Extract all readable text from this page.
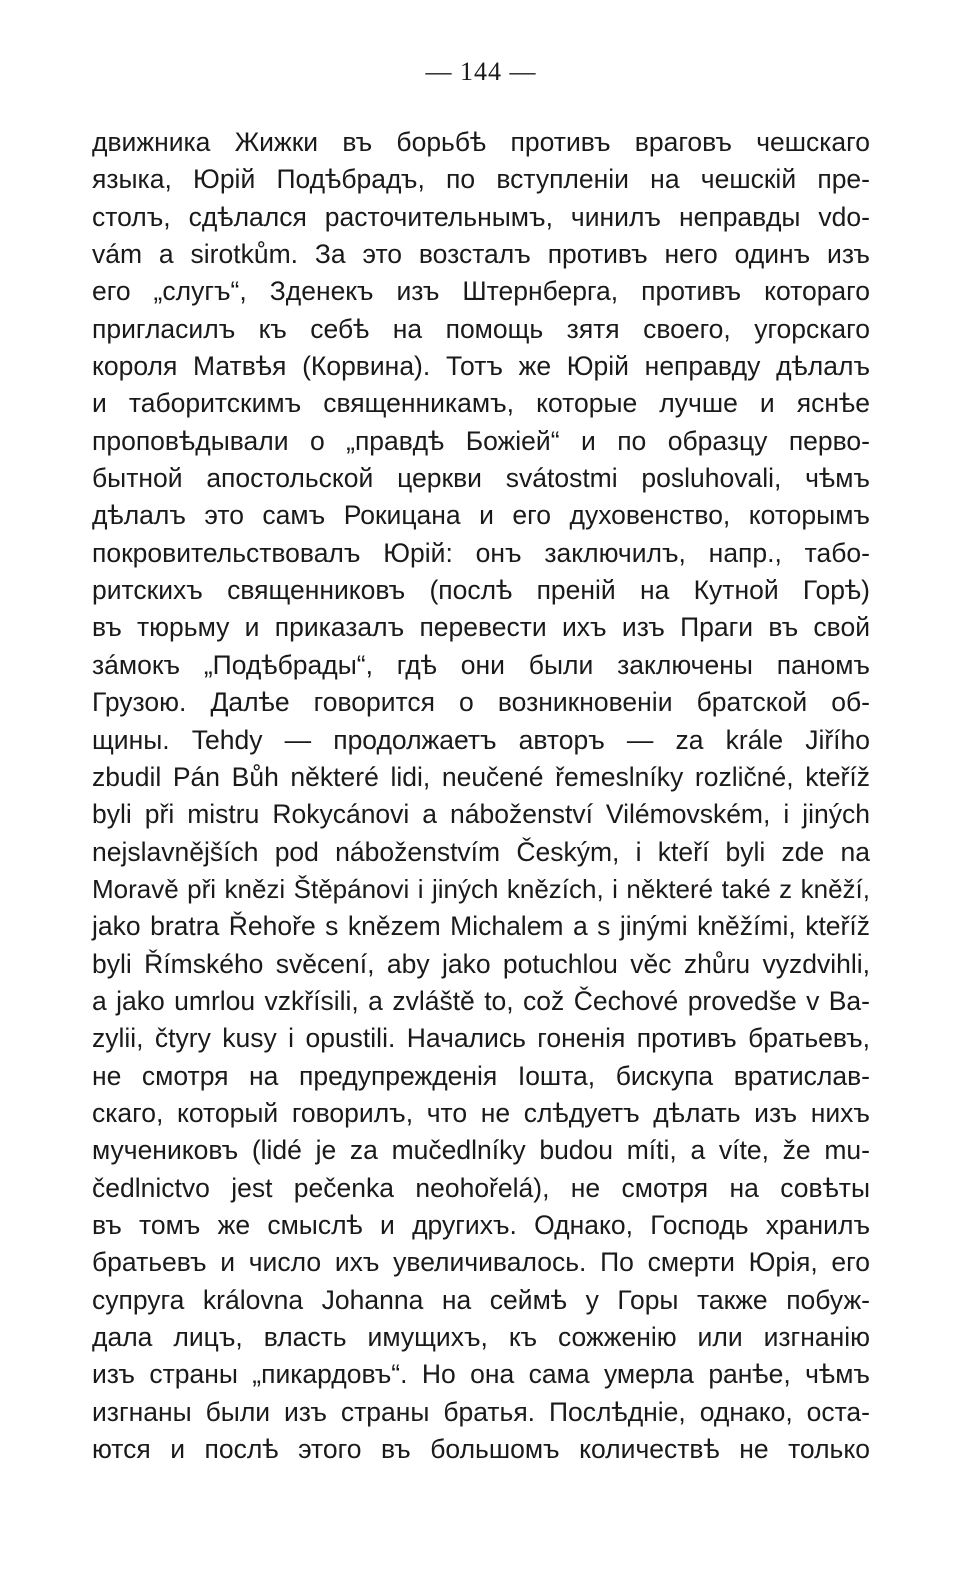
— 144 —
движника Жижки въ борьбѣ противъ враговъ чешскаго
языка, Юрій Подѣбрадъ, по вступленіи на чешскій пре-
столъ, сдѣлался расточительнымъ, чинилъ неправды vdo-
vám a sirotkům. За это возсталъ противъ него одинъ изъ
его „слугъ“, Зденекъ изъ Штернберга, противъ котораго
пригласилъ къ себѣ на помощь зятя своего, угорскаго
короля Матвѣя (Корвина). Тотъ же Юрій неправду дѣлалъ
и таборитскимъ священникамъ, которые лучше и яснѣе
проповѣдывали о „правдѣ Божіей“ и по образцу перво-
бытной апостольской церкви svátostmi posluhovali, чѣмъ
дѣлалъ это самъ Рокицана и его духовенство, которымъ
покровительствовалъ Юрій: онъ заключилъ, напр., табо-
ритскихъ священниковъ (послѣ преній на Кутной Горѣ)
въ тюрьму и приказалъ перевести ихъ изъ Праги въ свой
зáмокъ „Подѣбрады“, гдѣ они были заключены паномъ
Грузою. Далѣе говорится о возникновеніи братской об-
щины. Tehdy — продолжаетъ авторъ — za krále Jiřího
zbudil Pán Bůh některé lidi, neučené řemeslníky rozličné, kteříž
byli při mistru Rokycánovi a náboženství Vilémovském, i jiných
nejslavnějších pod náboženstvím Českým, i kteří byli zde na
Moravě při knězi Štěpánovi i jiných knězích, i některé také z kněží,
jako bratra Řehoře s knězem Michalem a s jinými kněžími, kteříž
byli Římského svěcení, aby jako potuchlou věc zhůru vyzdvihli,
a jako umrlou vzkřísili, a zvláště to, což Čechové provedše v Ba-
zylii, čtyry kusy i opustili. Начались гоненія противъ братьевъ,
не смотря на предупрежденія Іошта, бискупа вратислав-
скаго, который говорилъ, что не слѣдуетъ дѣлать изъ нихъ
мучениковъ (lidé je za mučedlníky budou míti, a víte, že mu-
čedlnictvo jest pečenka neohořelá), не смотря на совѣты
въ томъ же смыслѣ и другихъ. Однако, Господь хранилъ
братьевъ и число ихъ увеличивалось. По смерти Юрія, его
супруга královna Johanna на сеймѣ у Горы также побуж-
дала лицъ, власть имущихъ, къ сожженію или изгнанію
изъ страны „пикардовъ“. Но она сама умерла ранѣе, чѣмъ
изгнаны были изъ страны братья. Послѣдніе, однако, оста-
ются и послѣ этого въ большомъ количествѣ не только
